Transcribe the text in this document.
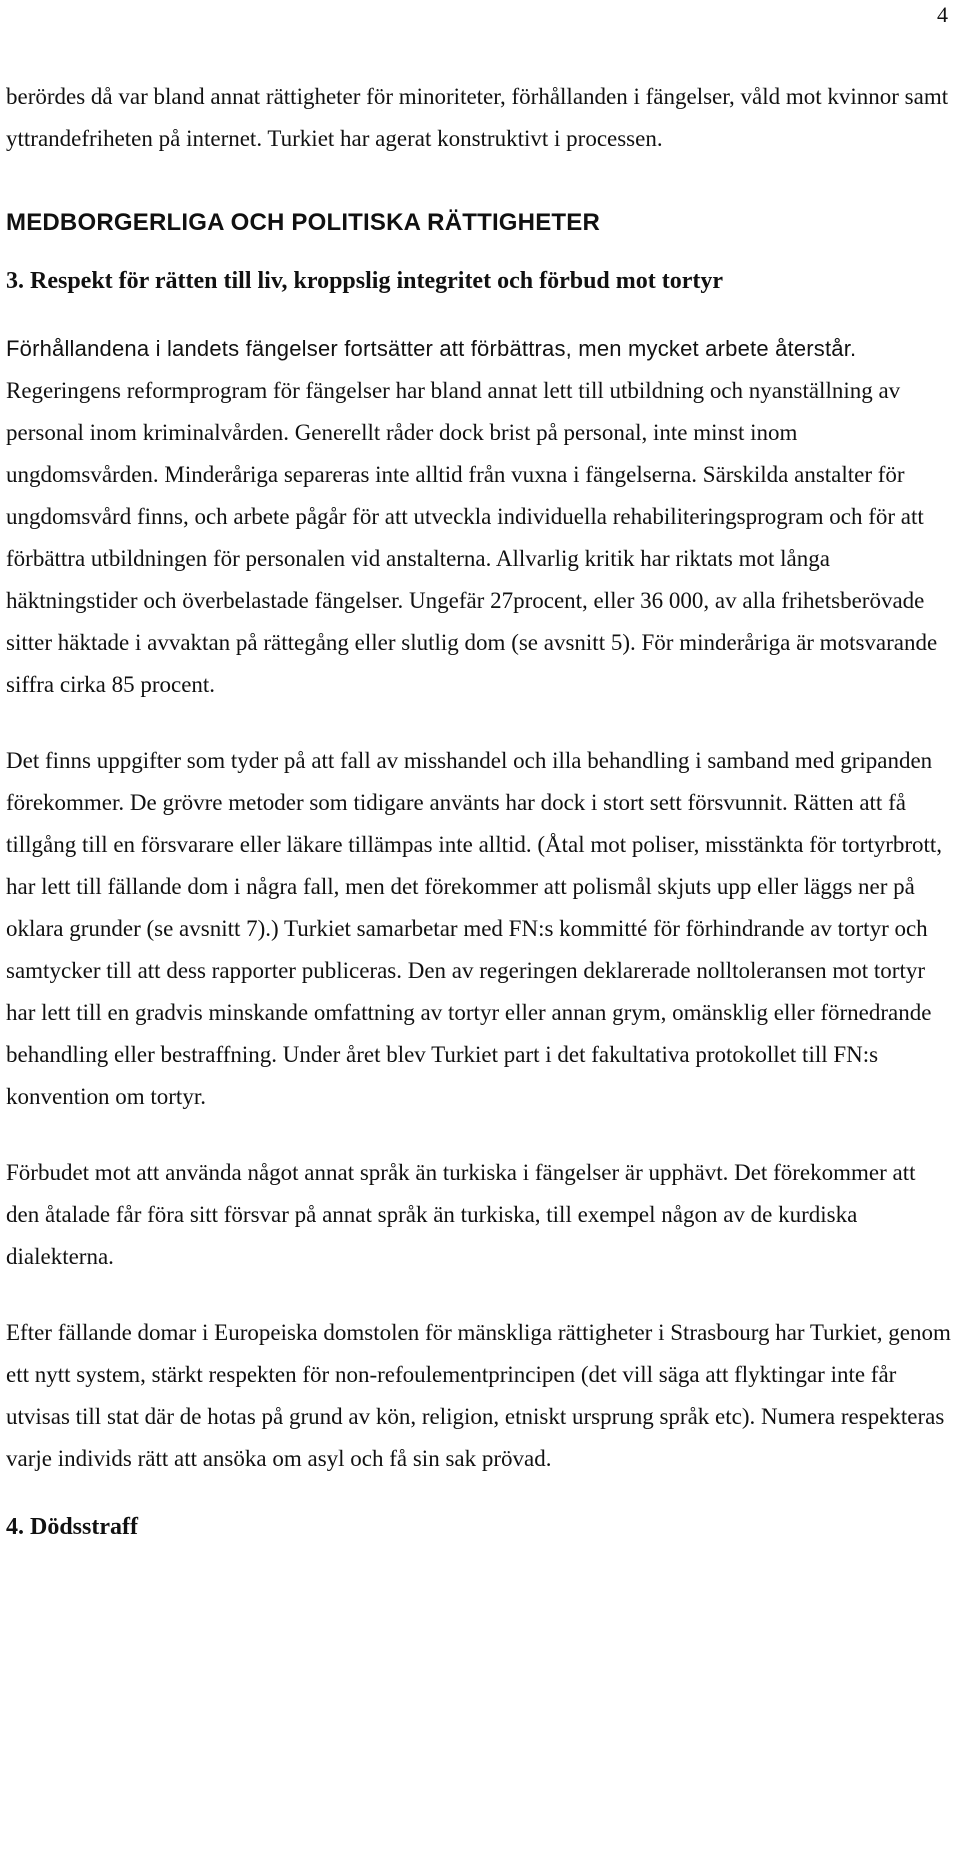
4

berördes då var bland annat rättigheter för minoriteter, förhållanden i fängelser, våld mot kvinnor samt yttrandefriheten på internet. Turkiet har agerat konstruktivt i processen.

MEDBORGERLIGA OCH POLITISKA RÄTTIGHETER
3. Respekt för rätten till liv, kroppslig integritet och förbud mot tortyr

Förhållandena i landets fängelser fortsätter att förbättras, men mycket arbete återstår. Regeringens reformprogram för fängelser har bland annat lett till utbildning och nyanställning av personal inom kriminalvården. Generellt råder dock brist på personal, inte minst inom ungdomsvården. Minderåriga separeras inte alltid från vuxna i fängelserna. Särskilda anstalter för ungdomsvård finns, och arbete pågår för att utveckla individuella rehabiliteringsprogram och för att förbättra utbildningen för personalen vid anstalterna. Allvarlig kritik har riktats mot långa häktningstider och överbelastade fängelser. Ungefär 27procent, eller 36 000, av alla frihetsberövade sitter häktade i avvaktan på rättegång eller slutlig dom (se avsnitt 5). För minderåriga är motsvarande siffra cirka 85 procent.

Det finns uppgifter som tyder på att fall av misshandel och illa behandling i samband med gripanden förekommer. De grövre metoder som tidigare använts har dock i stort sett försvunnit. Rätten att få tillgång till en försvarare eller läkare tillämpas inte alltid. (Åtal mot poliser, misstänkta för tortyrbrott, har lett till fällande dom i några fall, men det förekommer att polismål skjuts upp eller läggs ner på oklara grunder (se avsnitt 7).) Turkiet samarbetar med FN:s kommitté för förhindrande av tortyr och samtycker till att dess rapporter publiceras. Den av regeringen deklarerade nolltoleransen mot tortyr har lett till en gradvis minskande omfattning av tortyr eller annan grym, omänsklig eller förnedrande behandling eller bestraffning. Under året blev Turkiet part i det fakultativa protokollet till FN:s konvention om tortyr.

Förbudet mot att använda något annat språk än turkiska i fängelser är upphävt. Det förekommer att den åtalade får föra sitt försvar på annat språk än turkiska, till exempel någon av de kurdiska dialekterna.

Efter fällande domar i Europeiska domstolen för mänskliga rättigheter i Strasbourg har Turkiet, genom ett nytt system, stärkt respekten för non-refoulementprincipen (det vill säga att flyktingar inte får utvisas till stat där de hotas på grund av kön, religion, etniskt ursprung språk etc). Numera respekteras varje individs rätt att ansöka om asyl och få sin sak prövad.

4. Dödsstraff
